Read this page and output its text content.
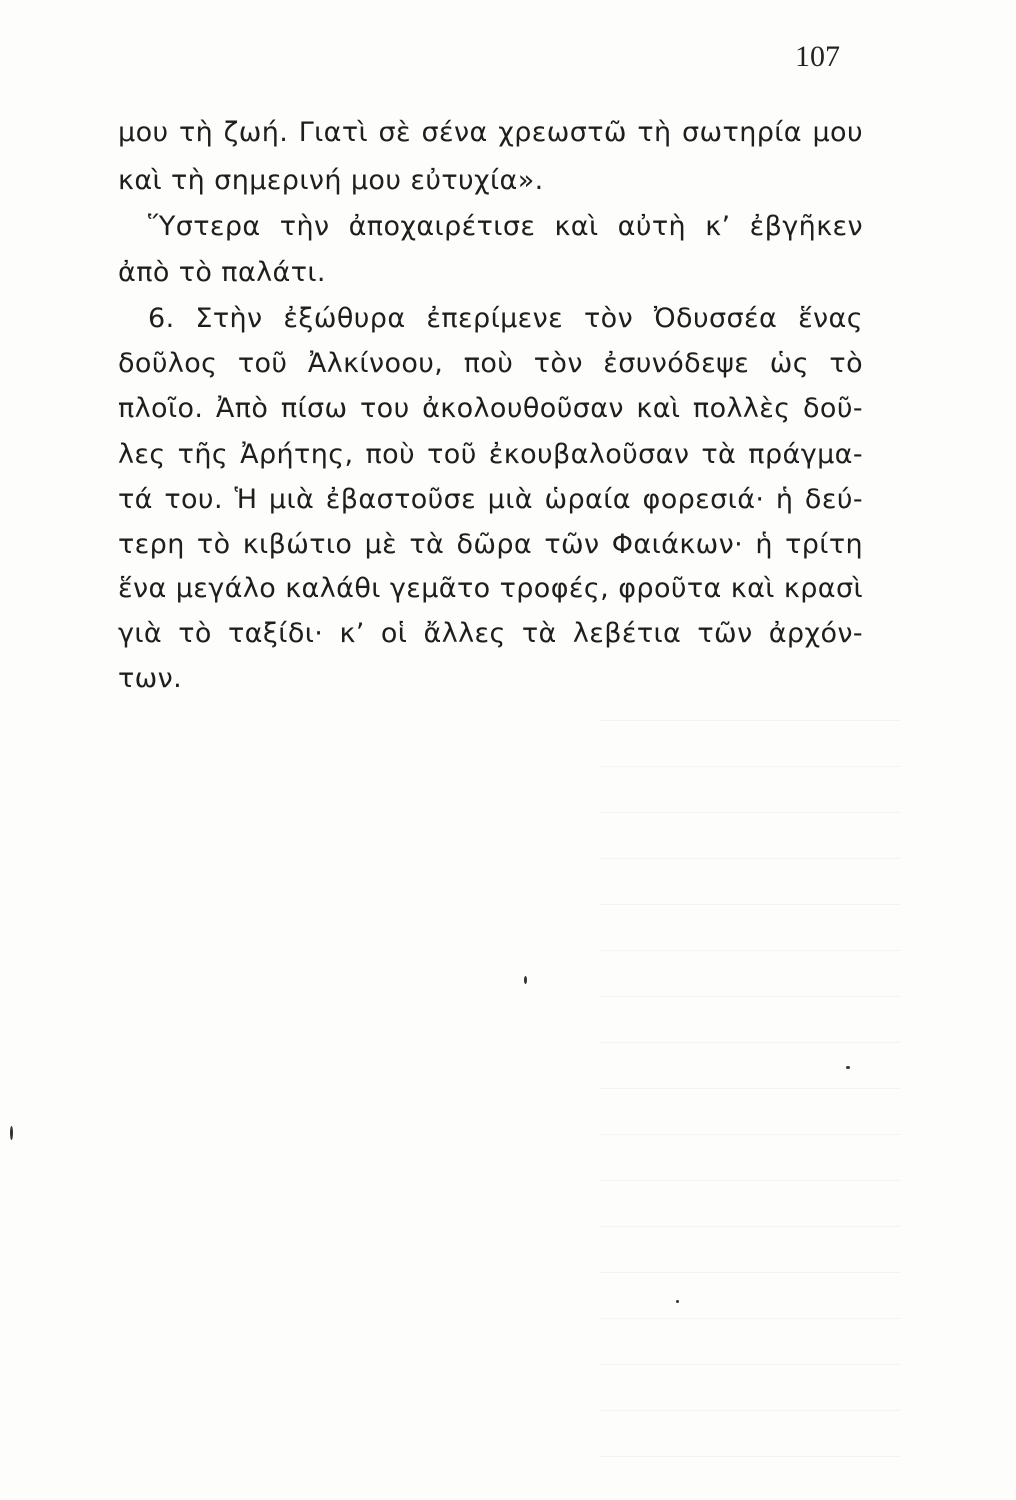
107
μου τὴ ζωή. Γιατὶ σὲ σένα χρεωστῶ τὴ σωτηρία μου
καὶ τὴ σημερινή μου εὐτυχία».
Ὕστερα τὴν ἀποχαιρέτισε καὶ αὐτὴ κ’ ἐβγῆκεν
ἀπὸ τὸ παλάτι.
6. Στὴν ἐξώθυρα ἐπερίμενε τὸν Ὀδυσσέα ἕνας
δοῦλος τοῦ Ἀλκίνοου, ποὺ τὸν ἐσυνόδεψε ὡς τὸ
πλοῖο. Ἀπὸ πίσω του ἀκολουθοῦσαν καὶ πολλὲς δοῦ-
λες τῆς Ἀρήτης, ποὺ τοῦ ἐκουβαλοῦσαν τὰ πράγμα-
τά του. Ἡ μιὰ ἐβαστοῦσε μιὰ ὡραία φορεσιά· ἡ δεύ-
τερη τὸ κιβώτιο μὲ τὰ δῶρα τῶν Φαιάκων· ἡ τρίτη
ἕνα μεγάλο καλάθι γεμᾶτο τροφές, φροῦτα καὶ κρασὶ
γιὰ τὸ ταξίδι· κ’ οἱ ἄλλες τὰ λεβέτια τῶν ἀρχόν-
των.
